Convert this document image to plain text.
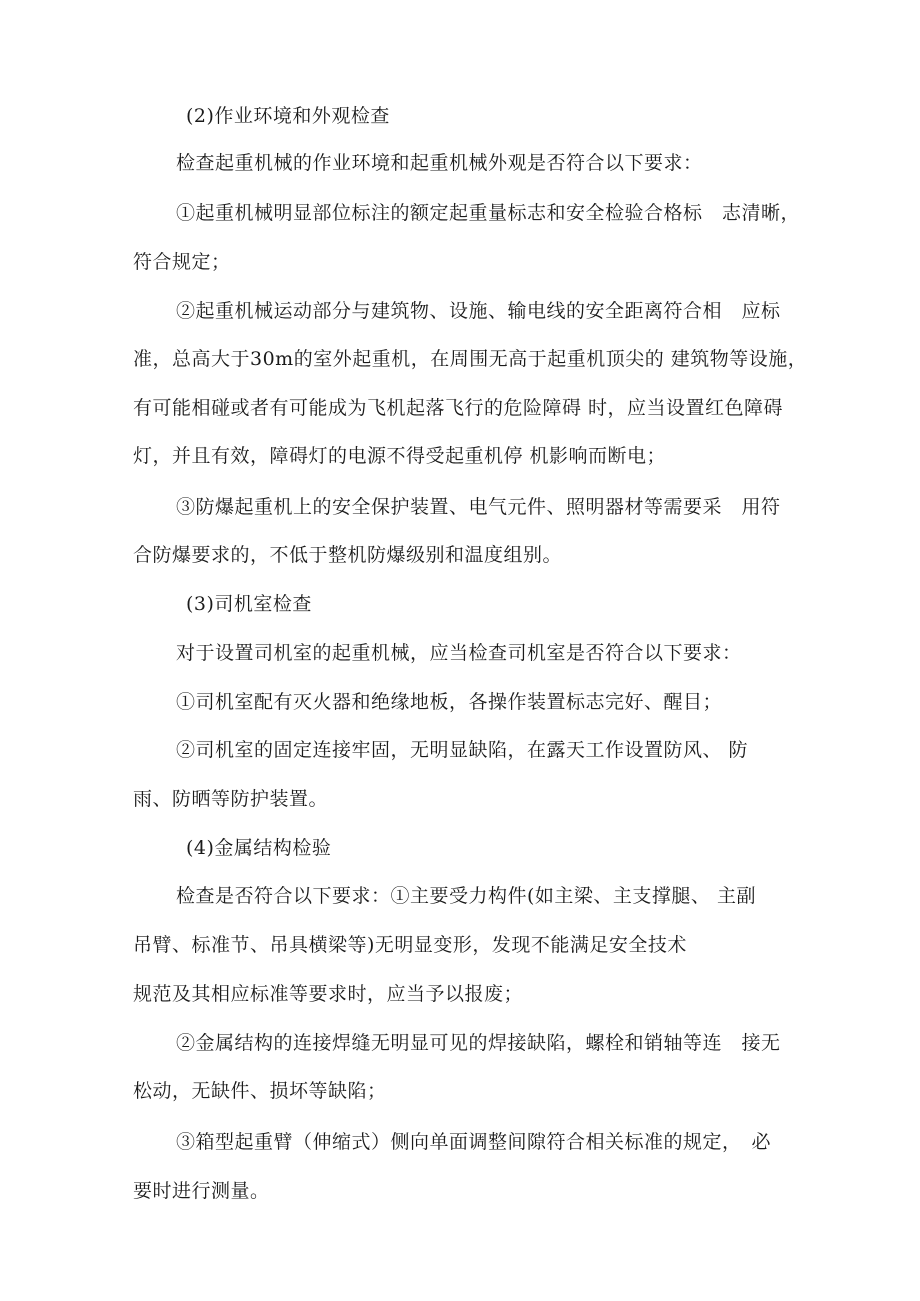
(2)作业环境和外观检查
检查起重机械的作业环境和起重机械外观是否符合以下要求：
①起重机械明显部位标注的额定起重量标志和安全检验合格标　志清晰，
符合规定；
②起重机械运动部分与建筑物、设施、输电线的安全距离符合相　应标
准，总高大于30m的室外起重机，在周围无高于起重机顶尖的 建筑物等设施，
有可能相碰或者有可能成为飞机起落飞行的危险障碍 时，应当设置红色障碍
灯，并且有效，障碍灯的电源不得受起重机停 机影响而断电；
③防爆起重机上的安全保护装置、电气元件、照明器材等需要采　用符
合防爆要求的，不低于整机防爆级别和温度组别。
(3)司机室检查
对于设置司机室的起重机械，应当检查司机室是否符合以下要求：
①司机室配有灭火器和绝缘地板，各操作装置标志完好、醒目；
②司机室的固定连接牢固，无明显缺陷，在露天工作设置防风、 防
雨、防晒等防护装置。
(4)金属结构检验
检查是否符合以下要求：①主要受力构件(如主梁、主支撑腿、 主副
吊臂、标准节、吊具横梁等)无明显变形，发现不能满足安全技术
规范及其相应标准等要求时，应当予以报废；
②金属结构的连接焊缝无明显可见的焊接缺陷，螺栓和销轴等连　接无
松动，无缺件、损坏等缺陷；
③箱型起重臂（伸缩式）侧向单面调整间隙符合相关标准的规定，　必
要时进行测量。
